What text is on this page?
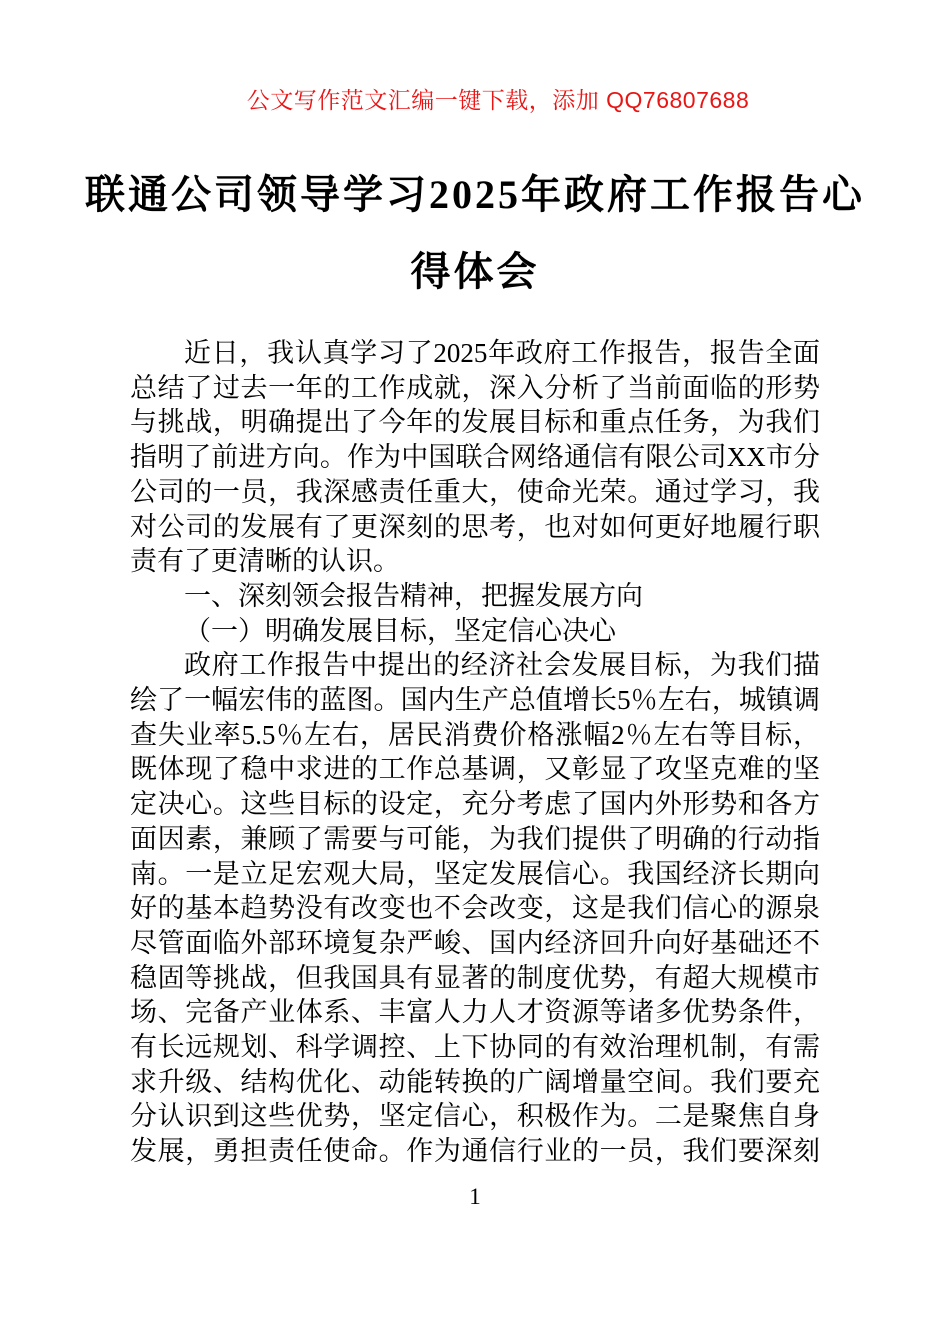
公文写作范文汇编一键下载，添加 QQ76807688
联通公司领导学习2025年政府工作报告心
得体会
近日，我认真学习了2025年政府工作报告，报告全面
总结了过去一年的工作成就，深入分析了当前面临的形势
与挑战，明确提出了今年的发展目标和重点任务，为我们
指明了前进方向。作为中国联合网络通信有限公司XX市分
公司的一员，我深感责任重大，使命光荣。通过学习，我
对公司的发展有了更深刻的思考，也对如何更好地履行职
责有了更清晰的认识。
一、深刻领会报告精神，把握发展方向
（一）明确发展目标，坚定信心决心
政府工作报告中提出的经济社会发展目标，为我们描
绘了一幅宏伟的蓝图。国内生产总值增长5％左右，城镇调
查失业率5.5％左右，居民消费价格涨幅2％左右等目标，
既体现了稳中求进的工作总基调，又彰显了攻坚克难的坚
定决心。这些目标的设定，充分考虑了国内外形势和各方
面因素，兼顾了需要与可能，为我们提供了明确的行动指
南。一是立足宏观大局，坚定发展信心。我国经济长期向
好的基本趋势没有改变也不会改变，这是我们信心的源泉
尽管面临外部环境复杂严峻、国内经济回升向好基础还不
稳固等挑战，但我国具有显著的制度优势，有超大规模市
场、完备产业体系、丰富人力人才资源等诸多优势条件，
有长远规划、科学调控、上下协同的有效治理机制，有需
求升级、结构优化、动能转换的广阔增量空间。我们要充
分认识到这些优势，坚定信心，积极作为。二是聚焦自身
发展，勇担责任使命。作为通信行业的一员，我们要深刻
1
